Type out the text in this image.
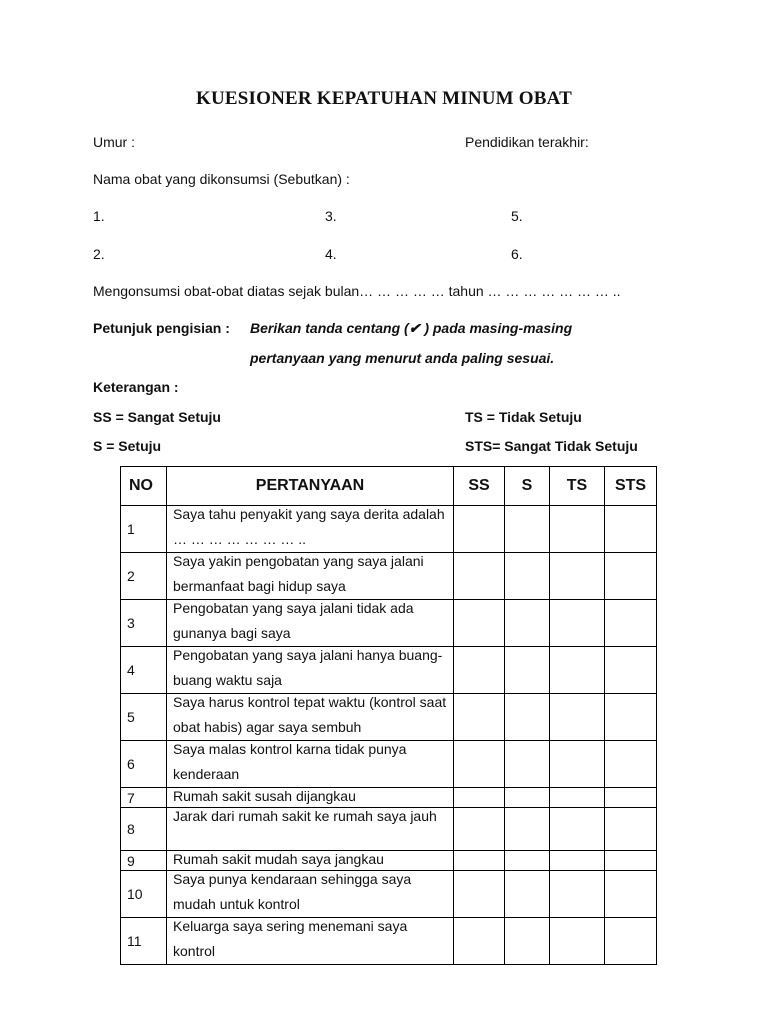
KUESIONER KEPATUHAN MINUM OBAT
Umur :	Pendidikan terakhir:
Nama obat yang dikonsumsi (Sebutkan) :
1.	3.	5.
2.	4.	6.
Mengonsumsi obat-obat diatas sejak bulan… … … … … tahun … … … … … … … ..
Petunjuk pengisian : Berikan tanda centang (✔ ) pada masing-masing
pertanyaan yang menurut anda paling sesuai.
Keterangan :
SS = Sangat Setuju	TS = Tidak Setuju
S = Setuju	STS= Sangat Tidak Setuju
NO	PERTANYAAN	SS	S	TS	STS
1	Saya tahu penyakit yang saya derita adalah … … … … … … … ..				

2	Saya yakin pengobatan yang saya jalani bermanfaat bagi hidup saya				

3	Pengobatan yang saya jalani tidak ada gunanya bagi saya				

4	Pengobatan yang saya jalani hanya buang-buang waktu saja				

5	Saya harus kontrol tepat waktu (kontrol saat obat habis) agar saya sembuh				

6	Saya malas kontrol karna tidak punya kenderaan				

7	Rumah sakit susah dijangkau				

8	Jarak dari rumah sakit ke rumah saya jauh				

9	Rumah sakit mudah saya jangkau				

10	Saya punya kendaraan sehingga saya mudah untuk kontrol				

11	Keluarga saya sering menemani saya kontrol				
